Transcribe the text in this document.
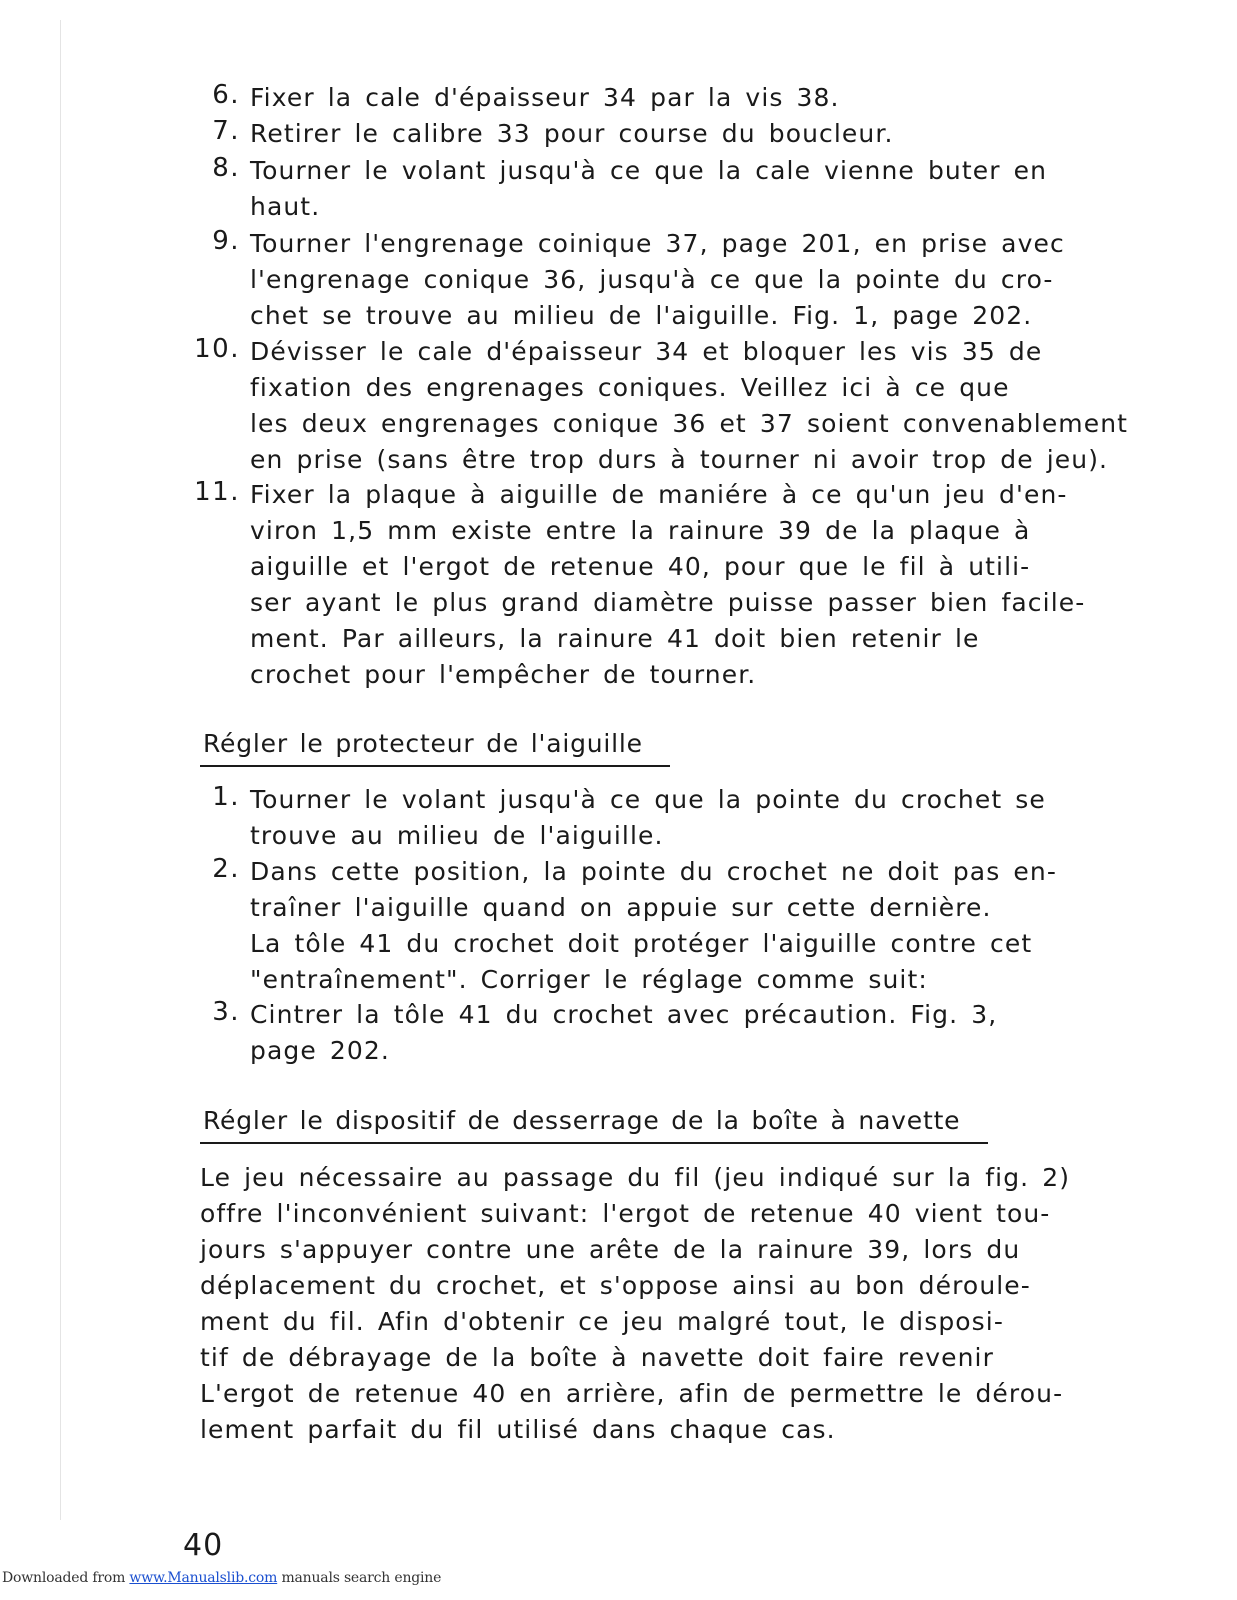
6. Fixer la cale d'épaisseur 34 par la vis 38.
7. Retirer le calibre 33 pour course du boucleur.
8. Tourner le volant jusqu'à ce que la cale vienne buter en
haut.
9. Tourner l'engrenage coinique 37, page 201, en prise avec
l'engrenage conique 36, jusqu'à ce que la pointe du cro-
chet se trouve au milieu de l'aiguille. Fig. 1, page 202.
10. Dévisser le cale d'épaisseur 34 et bloquer les vis 35 de
fixation des engrenages coniques. Veillez ici à ce que
les deux engrenages conique 36 et 37 soient convenablement
en prise (sans être trop durs à tourner ni avoir trop de jeu).
11. Fixer la plaque à aiguille de maniére à ce qu'un jeu d'en-
viron 1,5 mm existe entre la rainure 39 de la plaque à
aiguille et l'ergot de retenue 40, pour que le fil à utili-
ser ayant le plus grand diamètre puisse passer bien facile-
ment. Par ailleurs, la rainure 41 doit bien retenir le
crochet pour l'empêcher de tourner.
Régler le protecteur de l'aiguille
1. Tourner le volant jusqu'à ce que la pointe du crochet se
trouve au milieu de l'aiguille.
2. Dans cette position, la pointe du crochet ne doit pas en-
traîner l'aiguille quand on appuie sur cette dernière.
La tôle 41 du crochet doit protéger l'aiguille contre cet
"entraînement". Corriger le réglage comme suit:
3. Cintrer la tôle 41 du crochet avec précaution. Fig. 3,
page 202.
Régler le dispositif de desserrage de la boîte à navette
Le jeu nécessaire au passage du fil (jeu indiqué sur la fig. 2)
offre l'inconvénient suivant: l'ergot de retenue 40 vient tou-
jours s'appuyer contre une arête de la rainure 39, lors du
déplacement du crochet, et s'oppose ainsi au bon déroule-
ment du fil. Afin d'obtenir ce jeu malgré tout, le disposi-
tif de débrayage de la boîte à navette doit faire revenir
L'ergot de retenue 40 en arrière, afin de permettre le dérou-
lement parfait du fil utilisé dans chaque cas.
40
Downloaded from www.Manualslib.com manuals search engine
